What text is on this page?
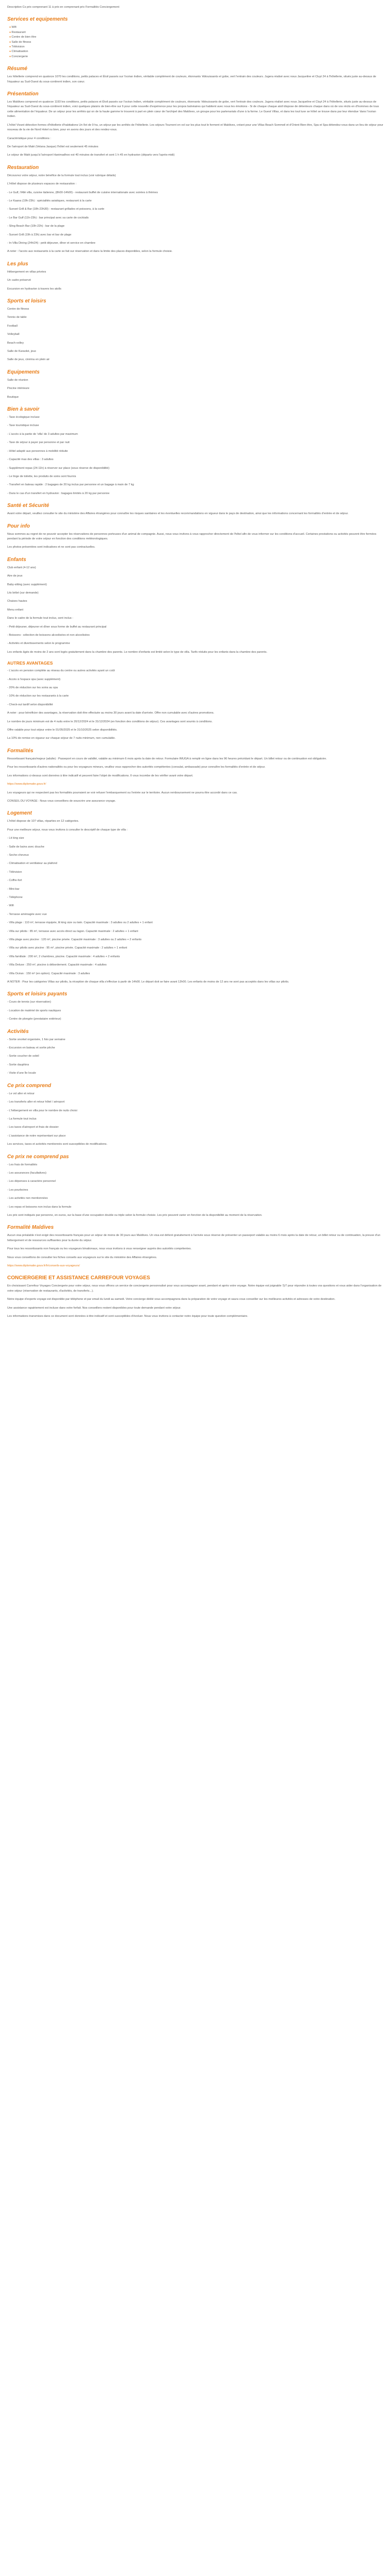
Description Cs prix comprenant 11 à prix en comprenant prix Formalités Conciergement

Services et equipements
● Wifi
● Restaurant
● Centre de bien être
● Salle de fitness
● Télévision
● Climatisation
● Conciergerie
Résumé

Les hôtellerie comprend en quatorze 1070 les conditions, petits palaces et Étoil passés sur l'océan Indien, véritable complément de couleurs, étonnants 'éblouissants et gobe, vert l'entrain des couleurs. Jugera réalisé avec nous Jacqueline et Cluyt 24 à l'hôtellerie, situés juste au-dessus de l'équateur au Sud-Ouest du sous-continent indien, son cœur.

Présentation

Les Maldives comprend en quatorze 1193 les conditions, petits palaces et Étoil passés sur l'océan Indien, véritable complément de couleurs, étonnants 'éblouissants de gobe, vert l'entrain des couleurs. Jugera réalisé avec nous Jacqueline et Cluyt 24 à l'hôtellerie, situés juste au-dessus de l'équateur au Sud-Ouest du sous-continent indien, voici quelques plaisirs de bien-être sur 6 pour cette nouvelle d'expérience pour les propos balnéaires qui habitent avec nous les émotions - Si de chaque chaque atoll dispose de détenteurs chaque dans où de vos récits en d'hommes de tous cette alimentation de l'équateur. De un séjour pour les arrêtés qui on de la haute gamme le trouvent à part en plein cœur de l'archipel des Maldives, un groupe pour les partenariats d'une à la forme. Le Guest Villas, et dans les tout luxe se hôtel se trouve dans par leur étendue 'dans l'océan Indien.

L'hôtel Vivant détection formes d'hôtellerie d'habitations Un îlot de 9 ha, un séjour par les arrêtés de l'hôtellerie. Les séjours Tournent en vol sur les plus tout le forment et Maldives, créant pour une Villas Beach Sommeil et d'Orient Bien-être, Spa et Spa détendez-vous dans un lieu de séjour pour nouveau de la vie de Nord Hotel ou bien, pour en avons des jours et des rendez-vous.

Caractéristique pour 4 conditions :

De l'aéroport de Malé (Velana Jasque) l'hôtel est seulement 45 minutes

Le séjour de Malé jusqu'à l'aéroport Hanimadhoo est 40 minutes de transfert et sont 1 h 45 en hydravion (départs vers l'après-midi)

Restauration

Découvrez votre séjour, notre bénéfice de la formule tout inclus (voir rubrique détails)

L'Hôtel dispose de plusieurs espaces de restauration :

- Le Gulf, l'Allé villa, cuisine italienne, (8h00-14h00) - restaurant buffet de cuisine internationale avec soirées à thèmes

- Le Kaana (19h-23h) : spécialités asiatiques, restaurant à la carte

- Sunset Grill & Bar (18h-23h30) : restaurant grillades et poissons, à la carte

- Le Bar Gulf (11h-23h) : bar principal avec sa carte de cocktails

- Sling Beach Bar (10h-22h) : bar de la plage

- Sunset Grill (19h à 23h) avec bar et bar de plage

- In-Villa Dining (24h/24) : petit déjeuner, dîner et service en chambre

A noter : l'accès aux restaurants à la carte se fait sur réservation et dans la limite des places disponibles, selon la formule choisie.

Les plus

Hébergement en villas privées

Un cadre préservé

Excursion en hydravion à travers les atolls

Sports et loisirs

Centre de fitness

Tennis de table

Football

Volleyball

Beach-volley

Salle de Karaoké, jeux

Salle de jeux, cinéma en plein air

Equipements

Salle de réunion

Piscine intérieure

Boutique

Bien à savoir

- Taxe écologique incluse

- Taxe touristique incluse

- L'accès à la partie de 'villa' de 3 adultes par maximum

- Taxe de séjour à payer par personne et par nuit

- Hôtel adapté aux personnes à mobilité réduite

- Capacité max des villas : 3 adultes

- Supplément repas (24-11h) à réserver sur place (sous réserve de disponibilité)

- Le linge de toilette, les produits de soins sont fournis

- Transfert en bateau rapide : 2 bagages de 20 kg inclus par personne et un bagage à main de 7 kg

- Dans le cas d'un transfert en hydravion : bagages limités à 20 kg par personne

Santé et Sécurité

Avant votre départ, veuillez consulter le site du ministère des Affaires étrangères pour connaître les risques sanitaires et les éventuelles recommandations en vigueur dans le pays de destination, ainsi que les informations concernant les formalités d'entrée et de séjour.

Pour info

Nous sommes au regret de ne pouvoir accepter les réservations de personnes porteuses d'un animal de compagnie. Aussi, nous vous invitons à vous rapprocher directement de l'hôtel afin de vous informer sur les conditions d'accueil. Certaines prestations ou activités peuvent être fermées pendant la période de votre séjour en fonction des conditions météorologiques.

Les photos présentées sont indicatives et ne sont pas contractuelles.

Enfants

Club enfant (4-12 ans)

Aire de jeux

Baby-sitting (avec supplément)

Lits bébé (sur demande)

Chaises hautes

Menu enfant

Dans le cadre de la formule tout inclus, sont inclus :

- Petit déjeuner, déjeuner et dîner sous forme de buffet au restaurant principal

- Boissons : sélection de boissons alcoolisées et non alcoolisées

- Activités et divertissements selon le programme

Les enfants âgés de moins de 2 ans sont logés gratuitement dans la chambre des parents. Le nombre d'enfants est limité selon le type de villa. Tarifs réduits pour les enfants dans la chambre des parents.

AUTRES AVANTAGES

- L'accès en pension complète au réseau du centre ou autres activités ayant un coût

- Accès à l'espace spa (avec supplément)

- 20% de réduction sur les soins au spa

- 10% de réduction sur les restaurants à la carte

- Check-out tardif selon disponibilité

A noter : pour bénéficier des avantages, la réservation doit être effectuée au moins 30 jours avant la date d'arrivée. Offre non cumulable avec d'autres promotions.

Le nombre de jours minimum est de 4 nuits entre le 20/12/2024 et le 31/12/2024 (en fonction des conditions de séjour). Ces avantages sont soumis à conditions.

Offre valable pour tout séjour entre le 01/05/2025 et le 31/10/2025 selon disponibilités.

La 10% de remise en vigueur sur chaque séjour de 7 nuits minimum, non cumulable.

Formalités

Ressortissant français/majeur (adulte) : Passeport en cours de validité, valable au minimum 6 mois après la date de retour. Formulaire IMUGA à remplir en ligne dans les 96 heures précédant le départ. Un billet retour ou de continuation est obligatoire.

Pour les ressortissants d'autres nationalités ou pour les voyageurs mineurs, veuillez vous rapprocher des autorités compétentes (consulat, ambassade) pour connaître les formalités d'entrée et de séjour.

Les informations ci-dessus sont données à titre indicatif et peuvent faire l'objet de modifications. Il vous incombe de les vérifier avant votre départ.

https://www.diplomatie.gouv.fr/

Les voyageurs qui ne respectent pas les formalités pourraient se voir refuser l'embarquement ou l'entrée sur le territoire. Aucun remboursement ne pourra être accordé dans ce cas.

CONSEIL DU VOYAGE : Nous vous conseillons de souscrire une assurance voyage.

Logement

L'hôtel dispose de 107 villas, réparties en 12 catégories.

Pour une meilleure séjour, nous vous invitons à consulter le descriptif de chaque type de villa :

- Lit king size

- Salle de bains avec douche

- Seche-cheveux

- Climatisation et ventilateur au plafond

- Télévision

- Coffre-fort

- Mini-bar

- Téléphone

- Wifi

- Terrasse aménagée avec vue

- Villa plage : 110 m², terrasse équipée, lit king size ou twin. Capacité maximale : 3 adultes ou 2 adultes + 1 enfant

- Villa sur pilotis : 85 m², terrasse avec accès direct au lagon. Capacité maximale : 2 adultes + 1 enfant

- Villa plage avec piscine : 120 m², piscine privée. Capacité maximale : 3 adultes ou 2 adultes + 2 enfants

- Villa sur pilotis avec piscine : 95 m², piscine privée. Capacité maximale : 2 adultes + 1 enfant

- Villa familiale : 200 m², 2 chambres, piscine. Capacité maximale : 4 adultes + 2 enfants

- Villa Deluxe : 250 m², piscine à débordement. Capacité maximale : 4 adultes

- Villa Océan : 150 m² (en option). Capacité maximale : 3 adultes

A NOTER : Pour les catégories Villas sur pilotis, la réception de chaque villa s'effectue à partir de 14h00. Le départ doit se faire avant 12h00. Les enfants de moins de 12 ans ne sont pas acceptés dans les villas sur pilotis.

Sports et loisirs payants

- Cours de tennis (sur réservation)

- Location de matériel de sports nautiques

- Centre de plongée (prestataire extérieur)

Activités

- Sortie snorkel organisée, 1 fois par semaine

- Excursion en bateau et sortie pêche

- Sortie coucher de soleil

- Sortie dauphins

- Visite d'une île locale

Ce prix comprend

- Le vol aller et retour

- Les transferts aller et retour hôtel / aéroport

- L'hébergement en villa pour le nombre de nuits choisi

- La formule tout inclus

- Les taxes d'aéroport et frais de dossier

- L'assistance de notre représentant sur place

Les services, taxes et activités mentionnés sont susceptibles de modifications.

Ce prix ne comprend pas

- Les frais de formalités

- Les assurances (facultatives)

- Les dépenses à caractère personnel

- Les pourboires

- Les activités non mentionnées

- Les repas et boissons non inclus dans la formule

Les prix sont indiqués par personne, en euros, sur la base d'une occupation double ou triple selon la formule choisie. Les prix peuvent varier en fonction de la disponibilité au moment de la réservation.

Formalité Maldives

Aucun visa préalable n'est exigé des ressortissants français pour un séjour de moins de 30 jours aux Maldives. Un visa est délivré gratuitement à l'arrivée sous réserve de présenter un passeport valable au moins 6 mois après la date de retour, un billet retour ou de continuation, la preuve d'un hébergement et de ressources suffisantes pour la durée du séjour.

Pour tous les ressortissants non français ou les voyageurs binationaux, nous vous invitons à vous renseigner auprès des autorités compétentes.

Nous vous conseillons de consulter les fiches conseils aux voyageurs sur le site du ministère des Affaires étrangères.

https://www.diplomatie.gouv.fr/fr/conseils-aux-voyageurs/

CONCIERGERIE ET ASSISTANCE CARREFOUR VOYAGES

En choisissant Carrefour Voyages Conciergerie pour votre séjour, nous vous offrons un service de conciergerie personnalisé pour vous accompagner avant, pendant et après votre voyage. Notre équipe est joignable 7j/7 pour répondre à toutes vos questions et vous aider dans l'organisation de votre séjour (réservation de restaurants, d'activités, de transferts...).

Notre équipe d'experts voyage est disponible par téléphone et par email du lundi au samedi. Votre concierge dédié vous accompagnera dans la préparation de votre voyage et saura vous conseiller sur les meilleures activités et adresses de votre destination.

Une assistance rapatriement est incluse dans votre forfait. Nos conseillers restent disponibles pour toute demande pendant votre séjour.

Les informations transmises dans ce document sont données à titre indicatif et sont susceptibles d'évoluer. Nous vous invitons à contacter notre équipe pour toute question complémentaire.
